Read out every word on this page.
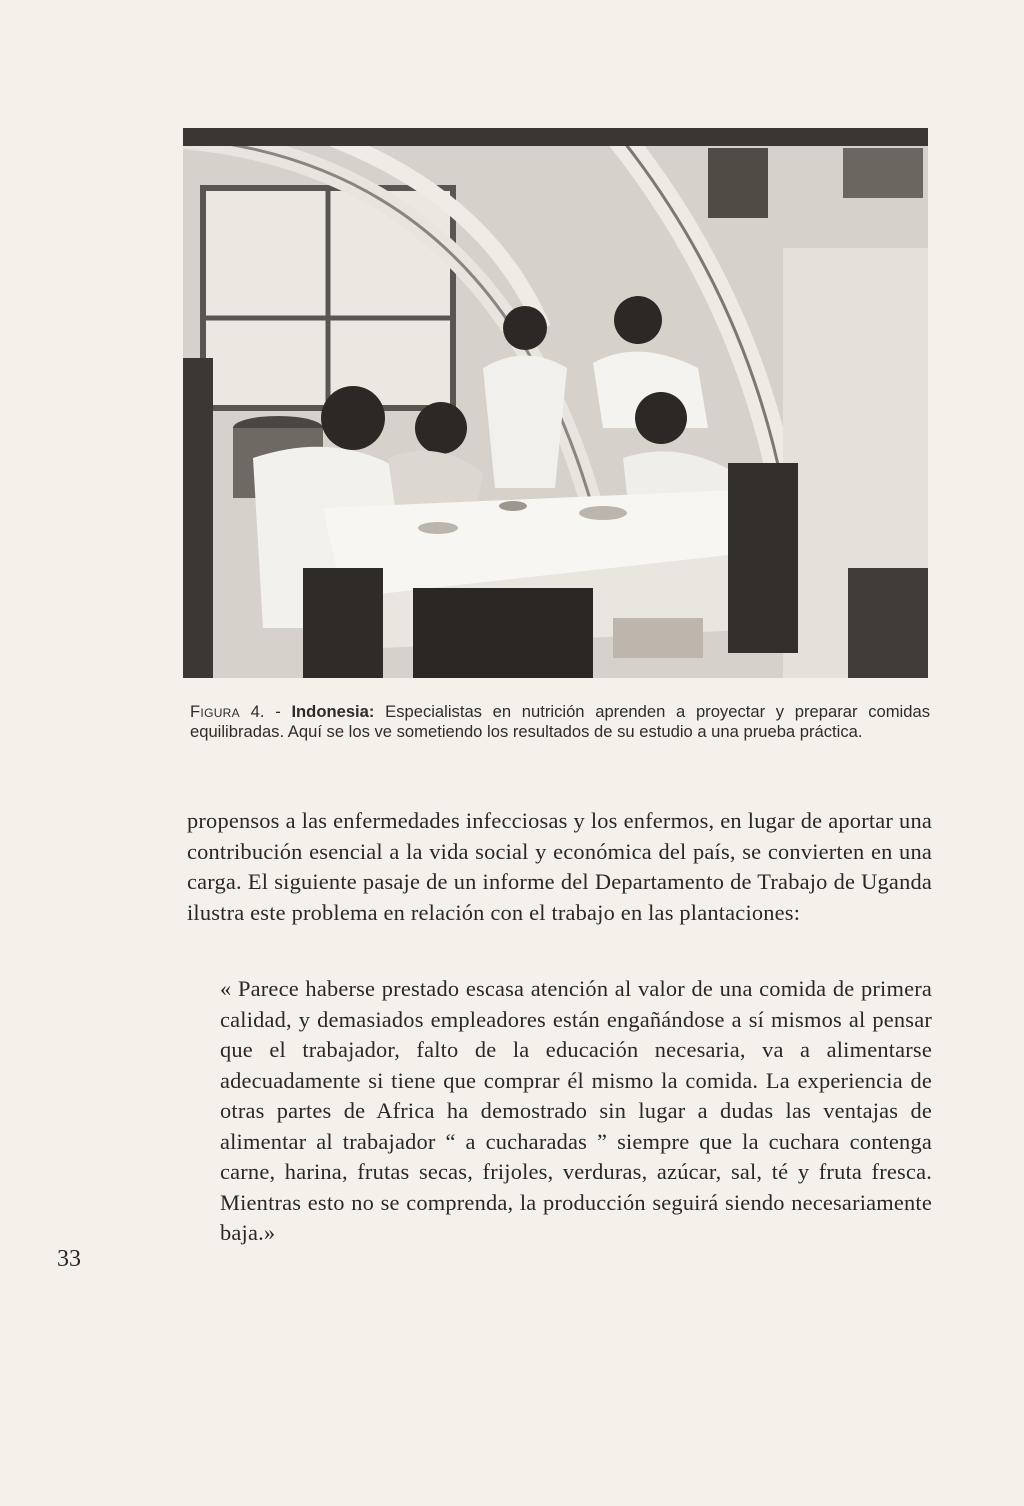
Figura 4. - Indonesia: Especialistas en nutrición aprenden a proyectar y preparar comidas equilibradas. Aquí se los ve sometiendo los resultados de su estudio a una prueba práctica.

propensos a las enfermedades infecciosas y los enfermos, en lugar de aportar una contribución esencial a la vida social y económica del país, se convierten en una carga. El siguiente pasaje de un informe del Departamento de Trabajo de Uganda ilustra este problema en relación con el trabajo en las plantaciones:

« Parece haberse prestado escasa atención al valor de una comida de primera calidad, y demasiados empleadores están engañándose a sí mismos al pensar que el trabajador, falto de la educación necesaria, va a alimentarse adecuadamente si tiene que comprar él mismo la comida. La experiencia de otras partes de Africa ha demostrado sin lugar a dudas las ventajas de alimentar al trabajador “ a cucharadas ” siempre que la cuchara contenga carne, harina, frutas secas, frijoles, verduras, azúcar, sal, té y fruta fresca. Mientras esto no se comprenda, la producción seguirá siendo necesariamente baja.»

33
